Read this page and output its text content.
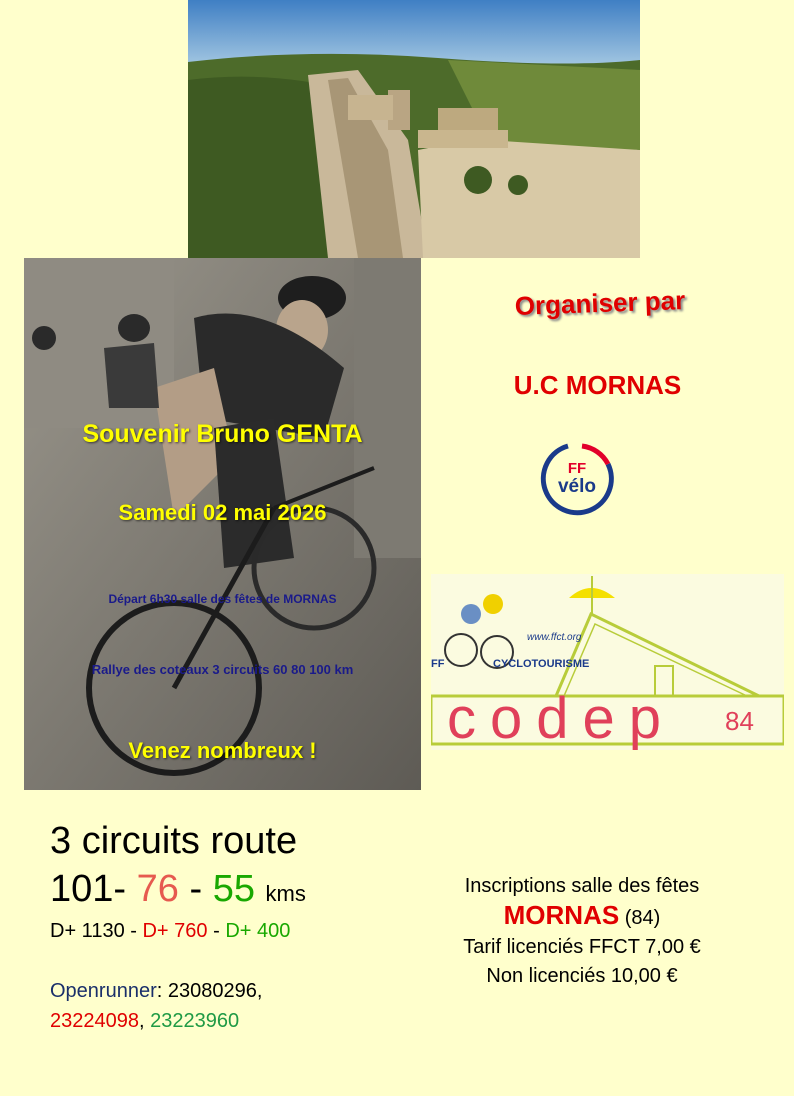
Souvenir Bruno GENTA
Samedi 02 mai 2026
Départ 6h30 salle des fêtes de MORNAS
Rallye des coteaux 3 circuits 60 80 100 km
Venez nombreux !
Organiser par
U.C MORNAS
FF
vélo
www.ffct.org
FF	CYCLOTOURISME
codep 84
3 circuits route
101- 76 - 55 kms
D+ 1130 - D+ 760 - D+ 400
Openrunner: 23080296,
23224098, 23223960
Inscriptions salle des fêtes
MORNAS (84)
Tarif licenciés FFCT 7,00 €
Non licenciés 10,00 €
